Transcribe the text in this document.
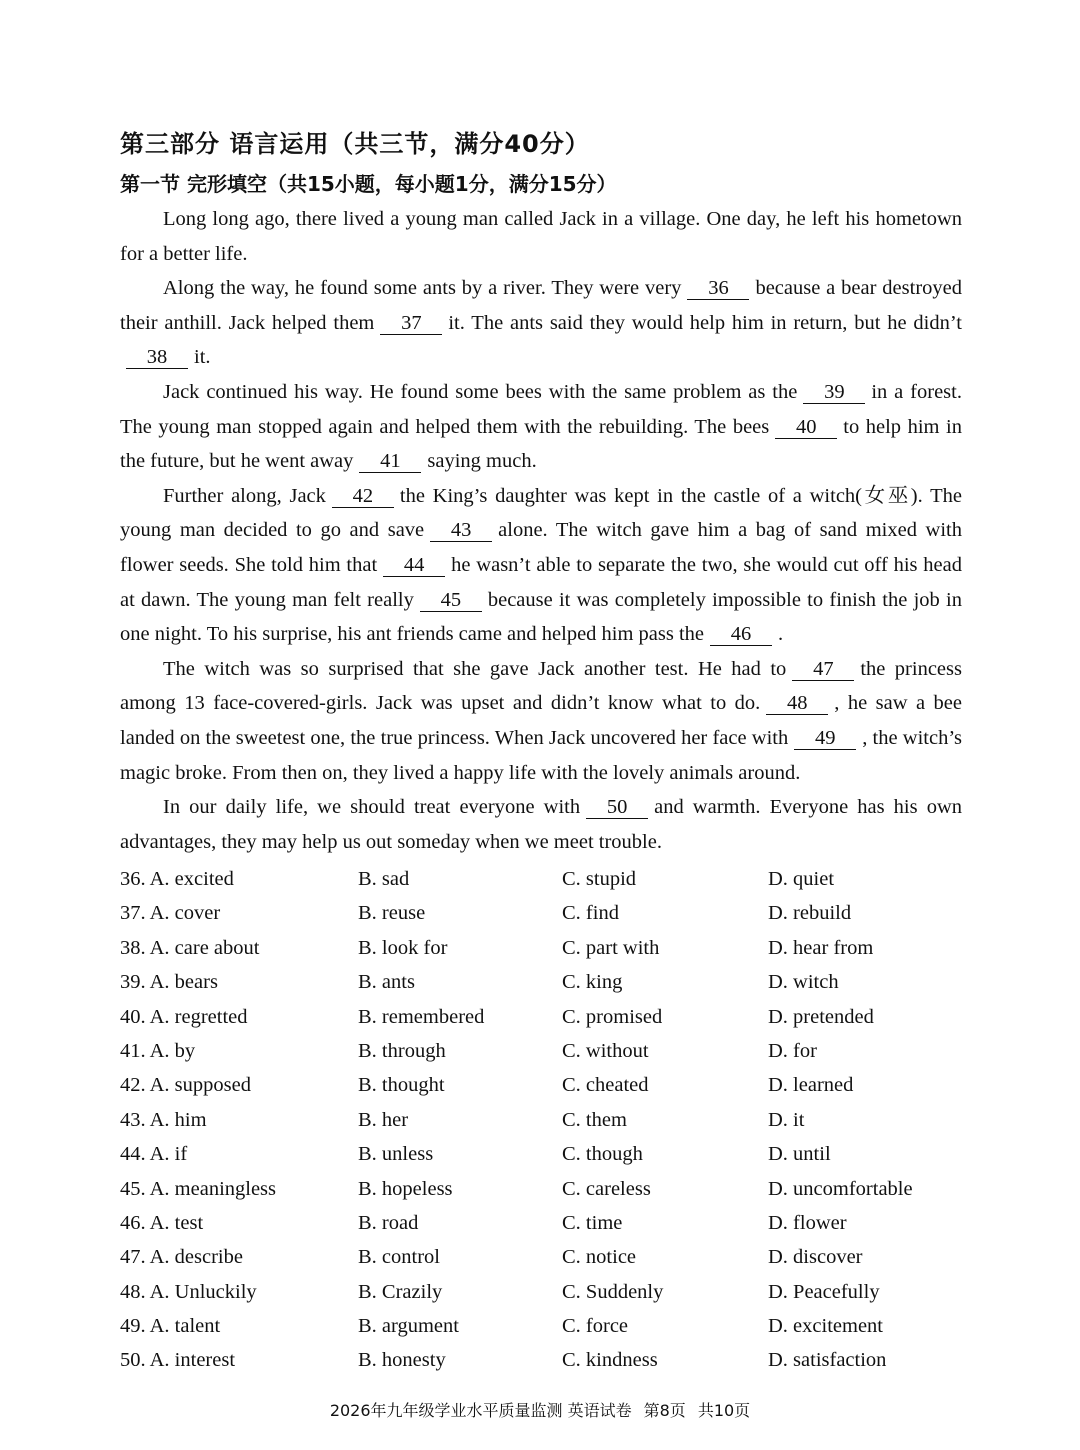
第三部分 语言运用（共三节，满分40分）
第一节 完形填空（共15小题，每小题1分，满分15分）

Long long ago, there lived a young man called Jack in a village. One day, he left his hometown for a better life.

Along the way, he found some ants by a river. They were very 36 because a bear destroyed their anthill. Jack helped them 37 it. The ants said they would help him in return, but he didn’t38 it.

Jack continued his way. He found some bees with the same problem as the 39 in a forest. The young man stopped again and helped them with the rebuilding. The bees 40 to help him in the future, but he went away 41 saying much.

Further along, Jack 42 the King’s daughter was kept in the castle of a witch(女巫). The young man decided to go and save 43 alone. The witch gave him a bag of sand mixed with flower seeds. She told him that 44 he wasn’t able to separate the two, she would cut off his head at dawn. The young man felt really 45 because it was completely impossible to finish the job in one night. To his surprise, his ant friends came and helped him pass the 46 .

The witch was so surprised that she gave Jack another test. He had to 47 the princess among 13 face-covered-girls. Jack was upset and didn’t know what to do. 48 , he saw a bee landed on the sweetest one, the true princess. When Jack uncovered her face with 49 , the witch’s magic broke. From then on, they lived a happy life with the lovely animals around.

In our daily life, we should treat everyone with 50 and warmth. Everyone has his own advantages, they may help us out someday when we meet trouble.

36. A. excited	B. sad	C. stupid	D. quiet
37. A. cover	B. reuse	C. find	D. rebuild
38. A. care about	B. look for	C. part with	D. hear from
39. A. bears	B. ants	C. king	D. witch
40. A. regretted	B. remembered	C. promised	D. pretended
41. A. by	B. through	C. without	D. for
42. A. supposed	B. thought	C. cheated	D. learned
43. A. him	B. her	C. them	D. it
44. A. if	B. unless	C. though	D. until
45. A. meaningless	B. hopeless	C. careless	D. uncomfortable
46. A. test	B. road	C. time	D. flower
47. A. describe	B. control	C. notice	D. discover
48. A. Unluckily	B. Crazily	C. Suddenly	D. Peacefully
49. A. talent	B. argument	C. force	D. excitement
50. A. interest	B. honesty	C. kindness	D. satisfaction
2026年九年级学业水平质量监测 英语试卷 第8页 共10页
